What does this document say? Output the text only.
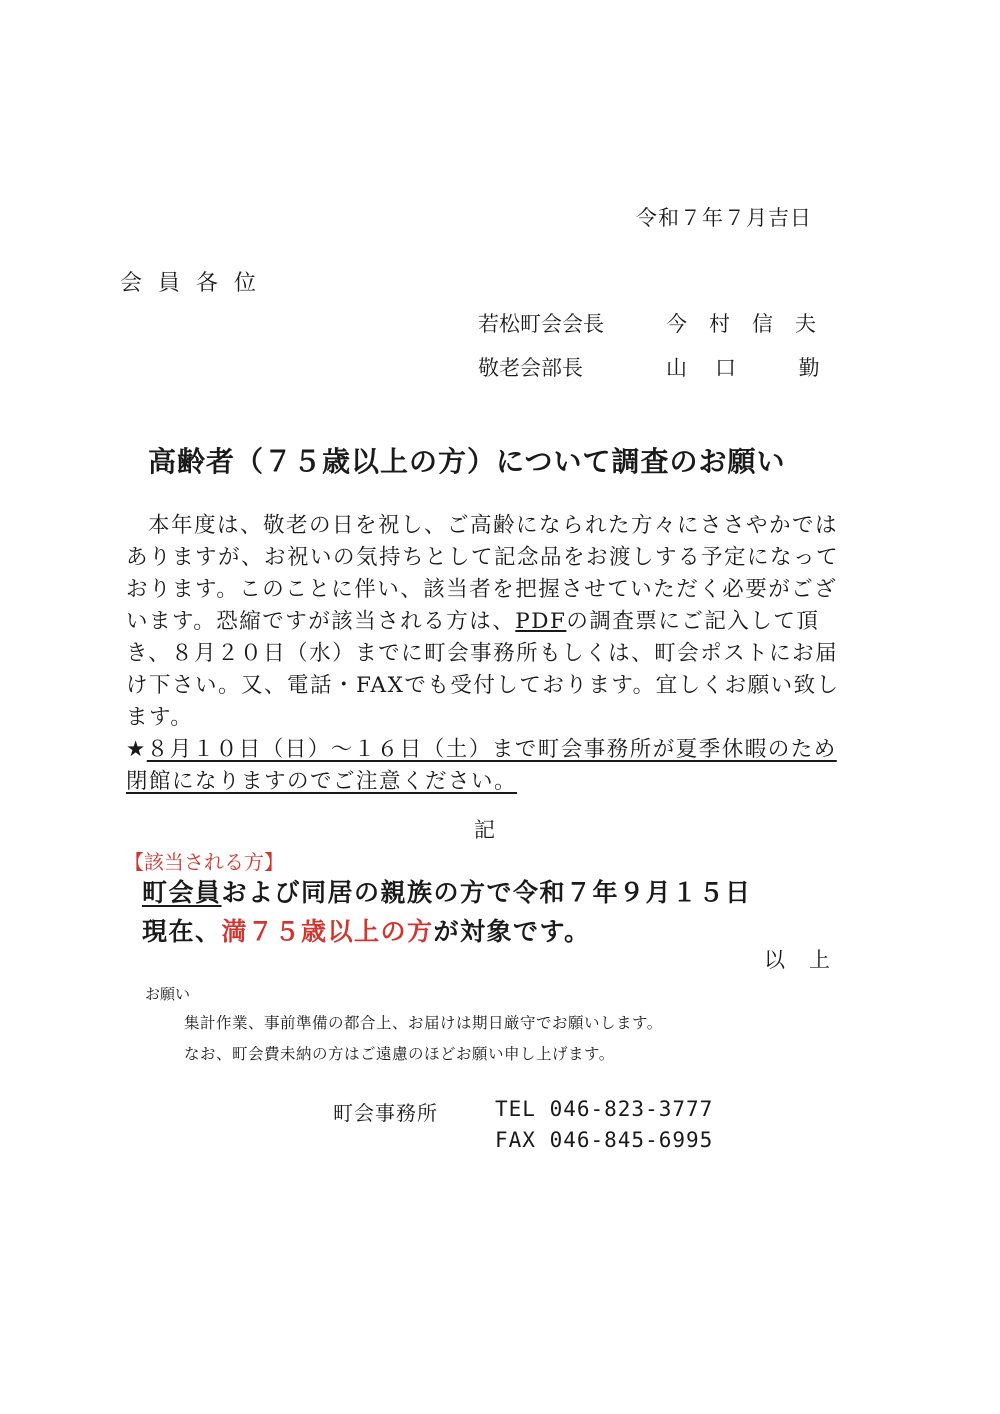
令和７年７月吉日
会員各位
若松町会会長	今村信夫
敬老会部長	山口 勤
高齢者（７５歳以上の方）について調査のお願い
本年度は、敬老の日を祝し、ご高齢になられた方々にささやかではありますが、お祝いの気持ちとして記念品をお渡しする予定になっております。このことに伴い、該当者を把握させていただく必要がございます。恐縮ですが該当される方は、PDFの調査票にご記入して頂き、８月２０日（水）までに町会事務所もしくは、町会ポストにお届け下さい。又、電話・FAXでも受付しております。宜しくお願い致します。
★８月１０日（日）～１６日（土）まで町会事務所が夏季休暇のため閉館になりますのでご注意ください。
記
【該当される方】
町会員および同居の親族の方で令和７年９月１５日
現在、満７５歳以上の方が対象です。
以上
お願い
集計作業、事前準備の都合上、お届けは期日厳守でお願いします。
なお、町会費未納の方はご遠慮のほどお願い申し上げます。
町会事務所	TEL 046-823-3777
FAX 046-845-6995
